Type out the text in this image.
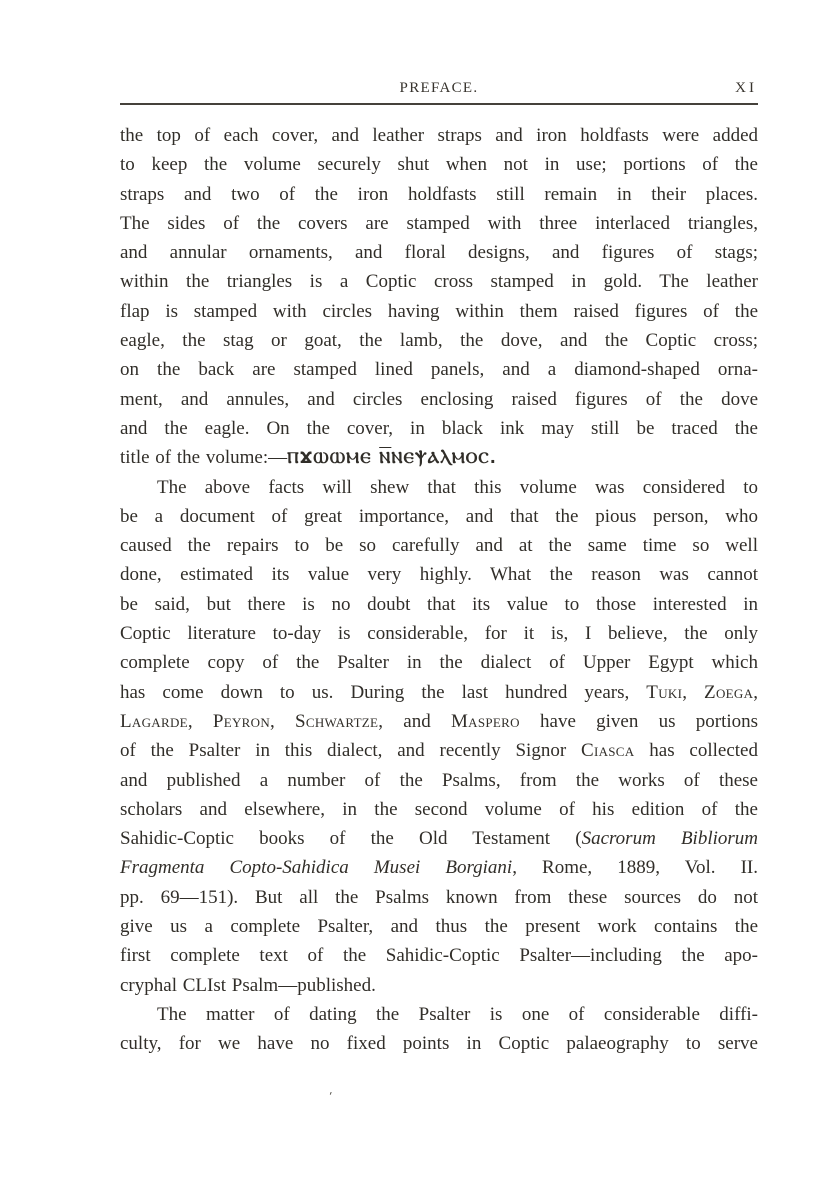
PREFACE.	XI
the top of each cover, and leather straps and iron holdfasts were added
to keep the volume securely shut when not in use; portions of the
straps and two of the iron holdfasts still remain in their places.
The sides of the covers are stamped with three interlaced triangles,
and annular ornaments, and floral designs, and figures of stags;
within the triangles is a Coptic cross stamped in gold. The leather
flap is stamped with circles having within them raised figures of the
eagle, the stag or goat, the lamb, the dove, and the Coptic cross;
on the back are stamped lined panels, and a diamond-shaped orna-
ment, and annules, and circles enclosing raised figures of the dove
and the eagle. On the cover, in black ink may still be traced the
title of the volume:—ⲠϪⲰⲰⲘⲈ ⲚⲚⲈⲮⲀⲖⲘⲞⲤ.
The above facts will shew that this volume was considered to
be a document of great importance, and that the pious person, who
caused the repairs to be so carefully and at the same time so well
done, estimated its value very highly. What the reason was cannot
be said, but there is no doubt that its value to those interested in
Coptic literature to-day is considerable, for it is, I believe, the only
complete copy of the Psalter in the dialect of Upper Egypt which
has come down to us. During the last hundred years, Tuki, Zoega,
Lagarde, Peyron, Schwartze, and Maspero have given us portions
of the Psalter in this dialect, and recently Signor Ciasca has collected
and published a number of the Psalms, from the works of these
scholars and elsewhere, in the second volume of his edition of the
Sahidic-Coptic books of the Old Testament (Sacrorum Bibliorum
Fragmenta Copto-Sahidica Musei Borgiani, Rome, 1889, Vol. II.
pp. 69—151). But all the Psalms known from these sources do not
give us a complete Psalter, and thus the present work contains the
first complete text of the Sahidic-Coptic Psalter—including the apo-
cryphal CLIst Psalm—published.
The matter of dating the Psalter is one of considerable diffi-
culty, for we have no fixed points in Coptic palaeography to serve
′
